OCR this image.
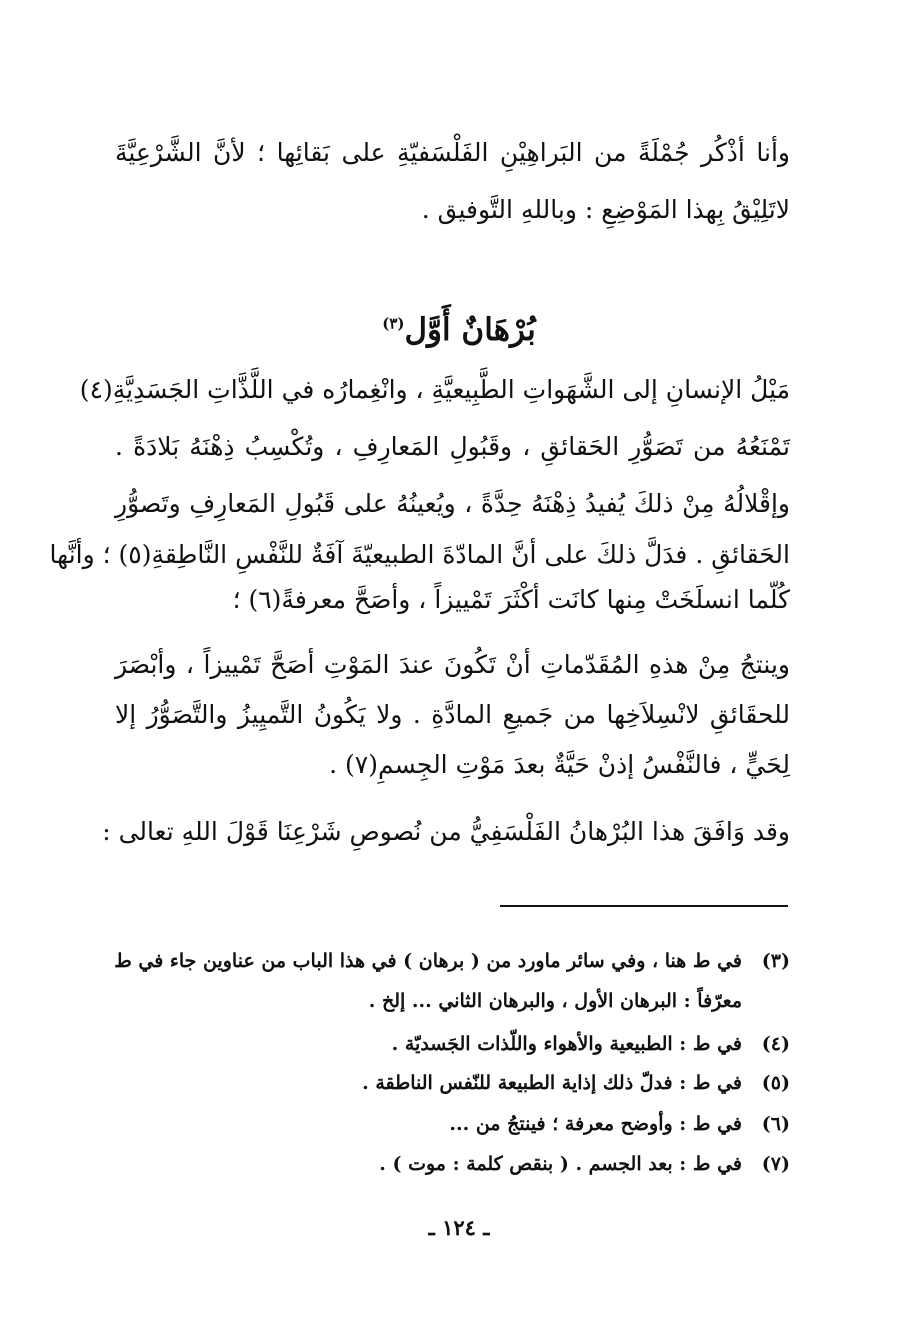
وأنا أذْكُر جُمْلَةً من البَراهِيْنِ الفَلْسَفيّةِ على بَقائِها ؛ لأنَّ الشَّرْعِيَّةَ
لاتَلِيْقُ بِهذا المَوْضِعِ : وباللهِ التَّوفيق .
بُرْهَانٌ أَوَّل$^{(٣)}$
مَيْلُ الإنسانِ إلى الشَّهَواتِ الطَّبِيعيَّةِ ، وانْغِمارُه في اللَّذَّاتِ الجَسَدِيَّةِ(٤)
تَمْنَعُهُ من تَصَوُّرِ الحَقائقِ ، وقَبُولِ المَعارِفِ ، وتُكْسِبُ ذِهْنَهُ بَلادَةً .
وإقْلالُهُ مِنْ ذلكَ يُفيدُ ذِهْنَهُ حِدَّةً ، ويُعينُهُ على قَبُولِ المَعارِفِ وتَصوُّرِ
الحَقائقِ . فدَلَّ ذلكَ على أنَّ المادّةَ الطبيعيّةَ آفَةٌ للنَّفْسِ النَّاطِقةِ(٥) ؛ وأنَّها
كُلّما انسلَخَتْ مِنها كانَت أكْثَرَ تَمْييزاً ، وأصَحَّ معرفةً(٦) ؛
وينتجُ مِنْ هذهِ المُقَدّماتِ أنْ تَكُونَ عندَ المَوْتِ أصَحَّ تَمْييزاً ، وأبْصَرَ
للحقَائقِ لانْسِلاَخِها من جَميعِ المادَّةِ . ولا يَكُونُ التَّميِيزُ والتَّصَوُّرُ إلا
لِحَيٍّ ، فالنَّفْسُ إذنْ حَيَّةٌ بعدَ مَوْتِ الجِسمِ(٧) .
وقد وَافَقَ هذا البُرْهانُ الفَلْسَفِيُّ من نُصوصِ شَرْعِنَا قَوْلَ اللهِ تعالى :
(٣)في ط هنا ، وفي سائر ماورد من ( برهان ) في هذا الباب من عناوين جاء في ط
معرّفاً : البرهان الأول ، والبرهان الثاني ... إلخ .
(٤)في ط : الطبيعية والأهواء واللّذات الجَسديّة .
(٥)في ط : فدلّ ذلك إذاية الطبيعة للنّفس الناطقة .
(٦)في ط : وأوضح معرفة ؛ فينتجُ من ...
(٧)في ط : بعد الجسم . ( بنقص كلمة : موت ) .
ـ ١٢٤ ـ
